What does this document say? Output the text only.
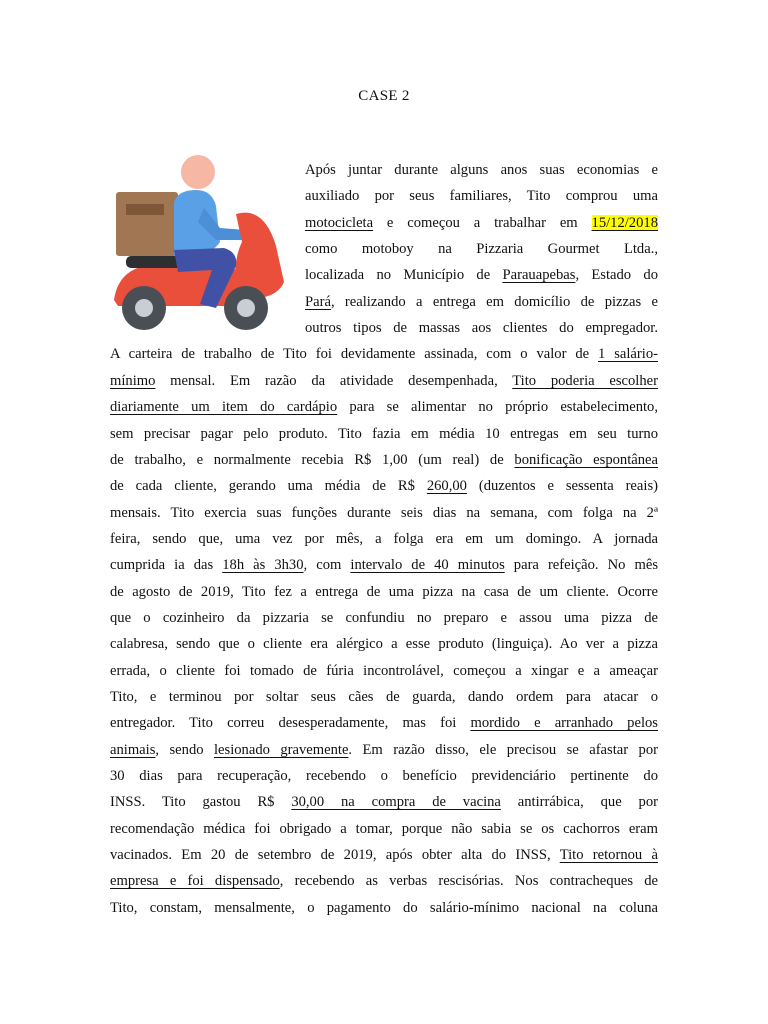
CASE 2
Após juntar durante alguns anos suas economias e
auxiliado por seus familiares, Tito comprou uma
motocicleta e começou a trabalhar em 15/12/2018
como motoboy na Pizzaria Gourmet Ltda.,
localizada no Município de Parauapebas, Estado do
Pará, realizando a entrega em domicílio de pizzas e
outros tipos de massas aos clientes do empregador.
A carteira de trabalho de Tito foi devidamente assinada, com o valor de 1 salário-
mínimo mensal. Em razão da atividade desempenhada, Tito poderia escolher
diariamente um item do cardápio para se alimentar no próprio estabelecimento,
sem precisar pagar pelo produto. Tito fazia em média 10 entregas em seu turno
de trabalho, e normalmente recebia R$ 1,00 (um real) de bonificação espontânea
de cada cliente, gerando uma média de R$ 260,00 (duzentos e sessenta reais)
mensais. Tito exercia suas funções durante seis dias na semana, com folga na 2ª
feira, sendo que, uma vez por mês, a folga era em um domingo. A jornada
cumprida ia das 18h às 3h30, com intervalo de 40 minutos para refeição. No mês
de agosto de 2019, Tito fez a entrega de uma pizza na casa de um cliente. Ocorre
que o cozinheiro da pizzaria se confundiu no preparo e assou uma pizza de
calabresa, sendo que o cliente era alérgico a esse produto (linguiça). Ao ver a pizza
errada, o cliente foi tomado de fúria incontrolável, começou a xingar e a ameaçar
Tito, e terminou por soltar seus cães de guarda, dando ordem para atacar o
entregador. Tito correu desesperadamente, mas foi mordido e arranhado pelos
animais, sendo lesionado gravemente. Em razão disso, ele precisou se afastar por
30 dias para recuperação, recebendo o benefício previdenciário pertinente do
INSS. Tito gastou R$ 30,00 na compra de vacina antirrábica, que por
recomendação médica foi obrigado a tomar, porque não sabia se os cachorros eram
vacinados. Em 20 de setembro de 2019, após obter alta do INSS, Tito retornou à
empresa e foi dispensado, recebendo as verbas rescisórias. Nos contracheques de
Tito, constam, mensalmente, o pagamento do salário-mínimo nacional na coluna
